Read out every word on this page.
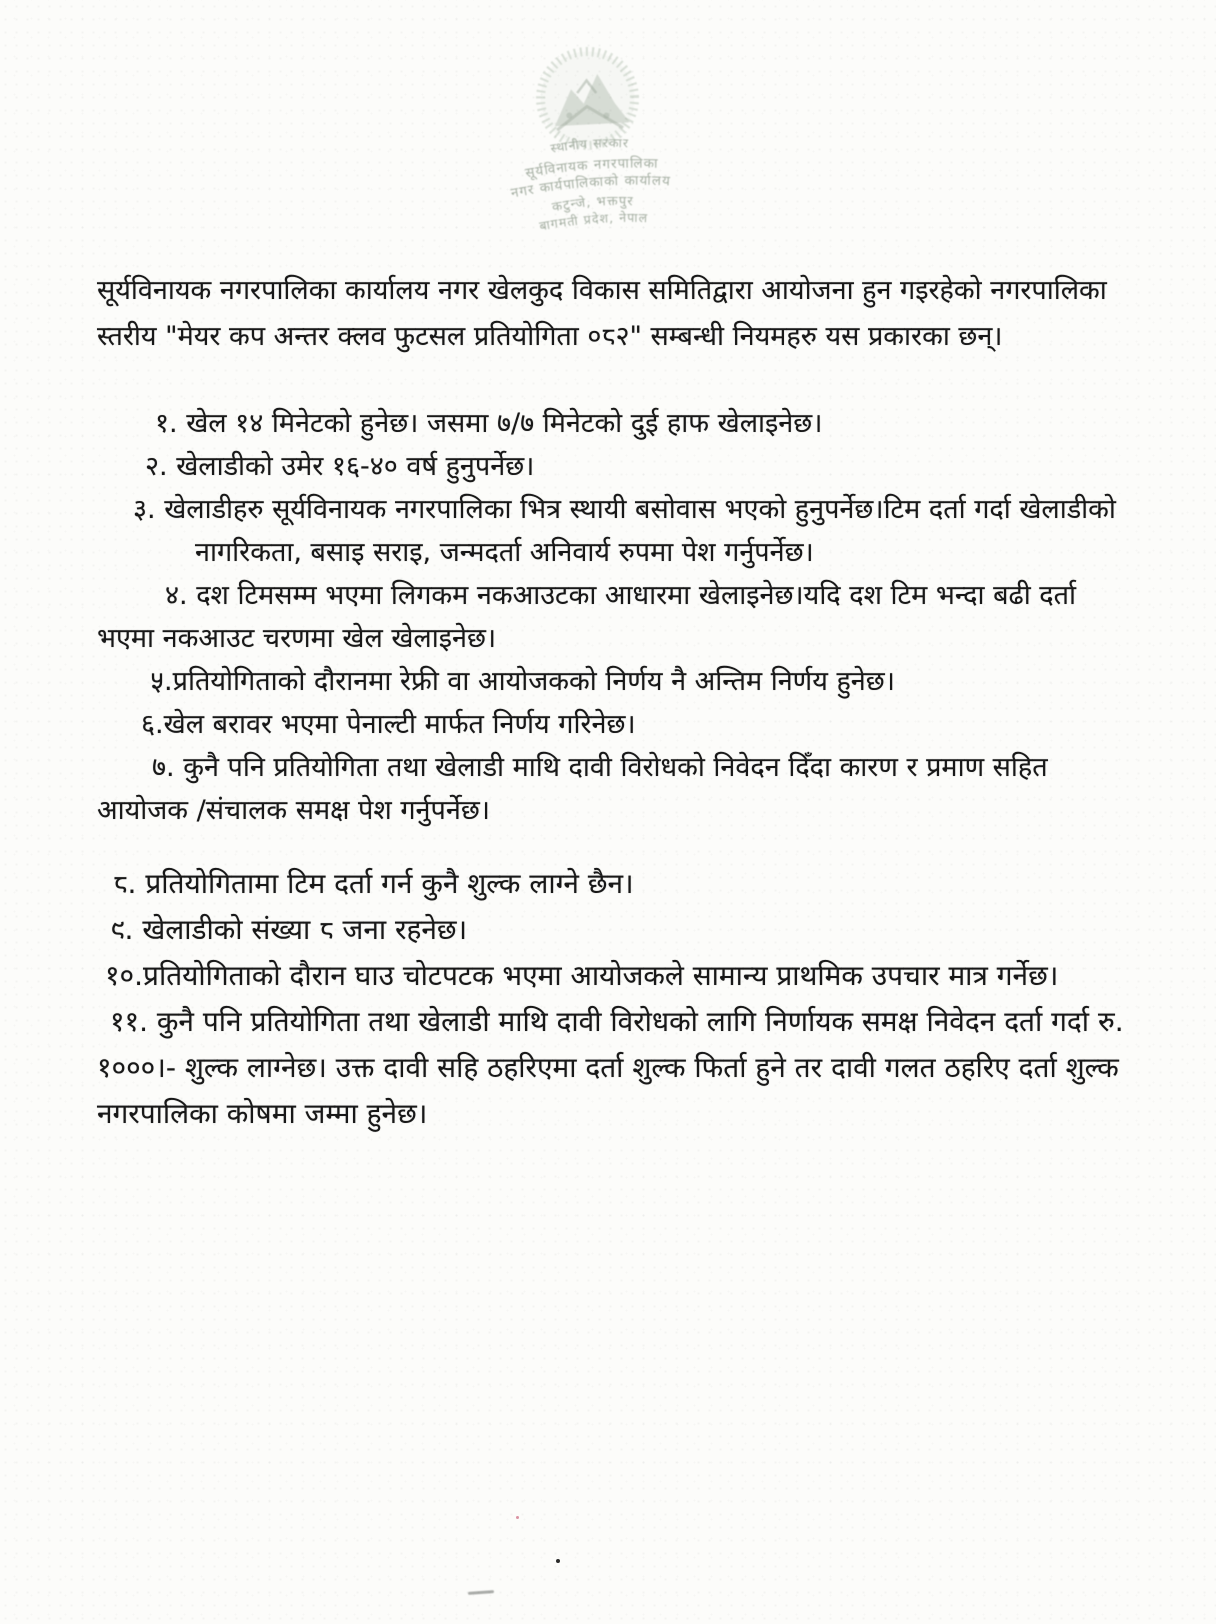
स्थानीय सरकार
सूर्यविनायक नगरपालिका
नगर कार्यपालिकाको कार्यालय
कटुन्जे, भक्तपुर
बागमती प्रदेश, नेपाल

सूर्यविनायक नगरपालिका कार्यालय नगर खेलकुद विकास समितिद्वारा आयोजना हुन गइरहेको नगरपालिका स्तरीय "मेयर कप अन्तर क्लव फुटसल प्रतियोगिता ०८२" सम्बन्धी नियमहरु यस प्रकारका छन्।

१. खेल १४ मिनेटको हुनेछ। जसमा ७/७ मिनेटको दुई हाफ खेलाइनेछ।

२. खेलाडीको उमेर १६-४० वर्ष हुनुपर्नेछ।

३. खेलाडीहरु सूर्यविनायक नगरपालिका भित्र स्थायी बसोवास भएको हुनुपर्नेछ।टिम दर्ता गर्दा खेलाडीको नागरिकता, बसाइ सराइ, जन्मदर्ता अनिवार्य रुपमा पेश गर्नुपर्नेछ।

४. दश टिमसम्म भएमा लिगकम नकआउटका आधारमा खेलाइनेछ।यदि दश टिम भन्दा बढी दर्ता भएमा नकआउट चरणमा खेल खेलाइनेछ।

५.प्रतियोगिताको दौरानमा रेफ्री वा आयोजकको निर्णय नै अन्तिम निर्णय हुनेछ।

६.खेल बरावर भएमा पेनाल्टी मार्फत निर्णय गरिनेछ।

७. कुनै पनि प्रतियोगिता तथा खेलाडी माथि दावी विरोधको निवेदन दिँदा कारण र प्रमाण सहित आयोजक /संचालक समक्ष पेश गर्नुपर्नेछ।

८. प्रतियोगितामा टिम दर्ता गर्न कुनै शुल्क लाग्ने छैन।

९. खेलाडीको संख्या ८ जना रहनेछ।

१०.प्रतियोगिताको दौरान घाउ चोटपटक भएमा आयोजकले सामान्य प्राथमिक उपचार मात्र गर्नेछ।

११. कुनै पनि प्रतियोगिता तथा खेलाडी माथि दावी विरोधको लागि निर्णायक समक्ष निवेदन दर्ता गर्दा रु. १०००।- शुल्क लाग्नेछ। उक्त दावी सहि ठहरिएमा दर्ता शुल्क फिर्ता हुने तर दावी गलत ठहरिए दर्ता शुल्क नगरपालिका कोषमा जम्मा हुनेछ।
